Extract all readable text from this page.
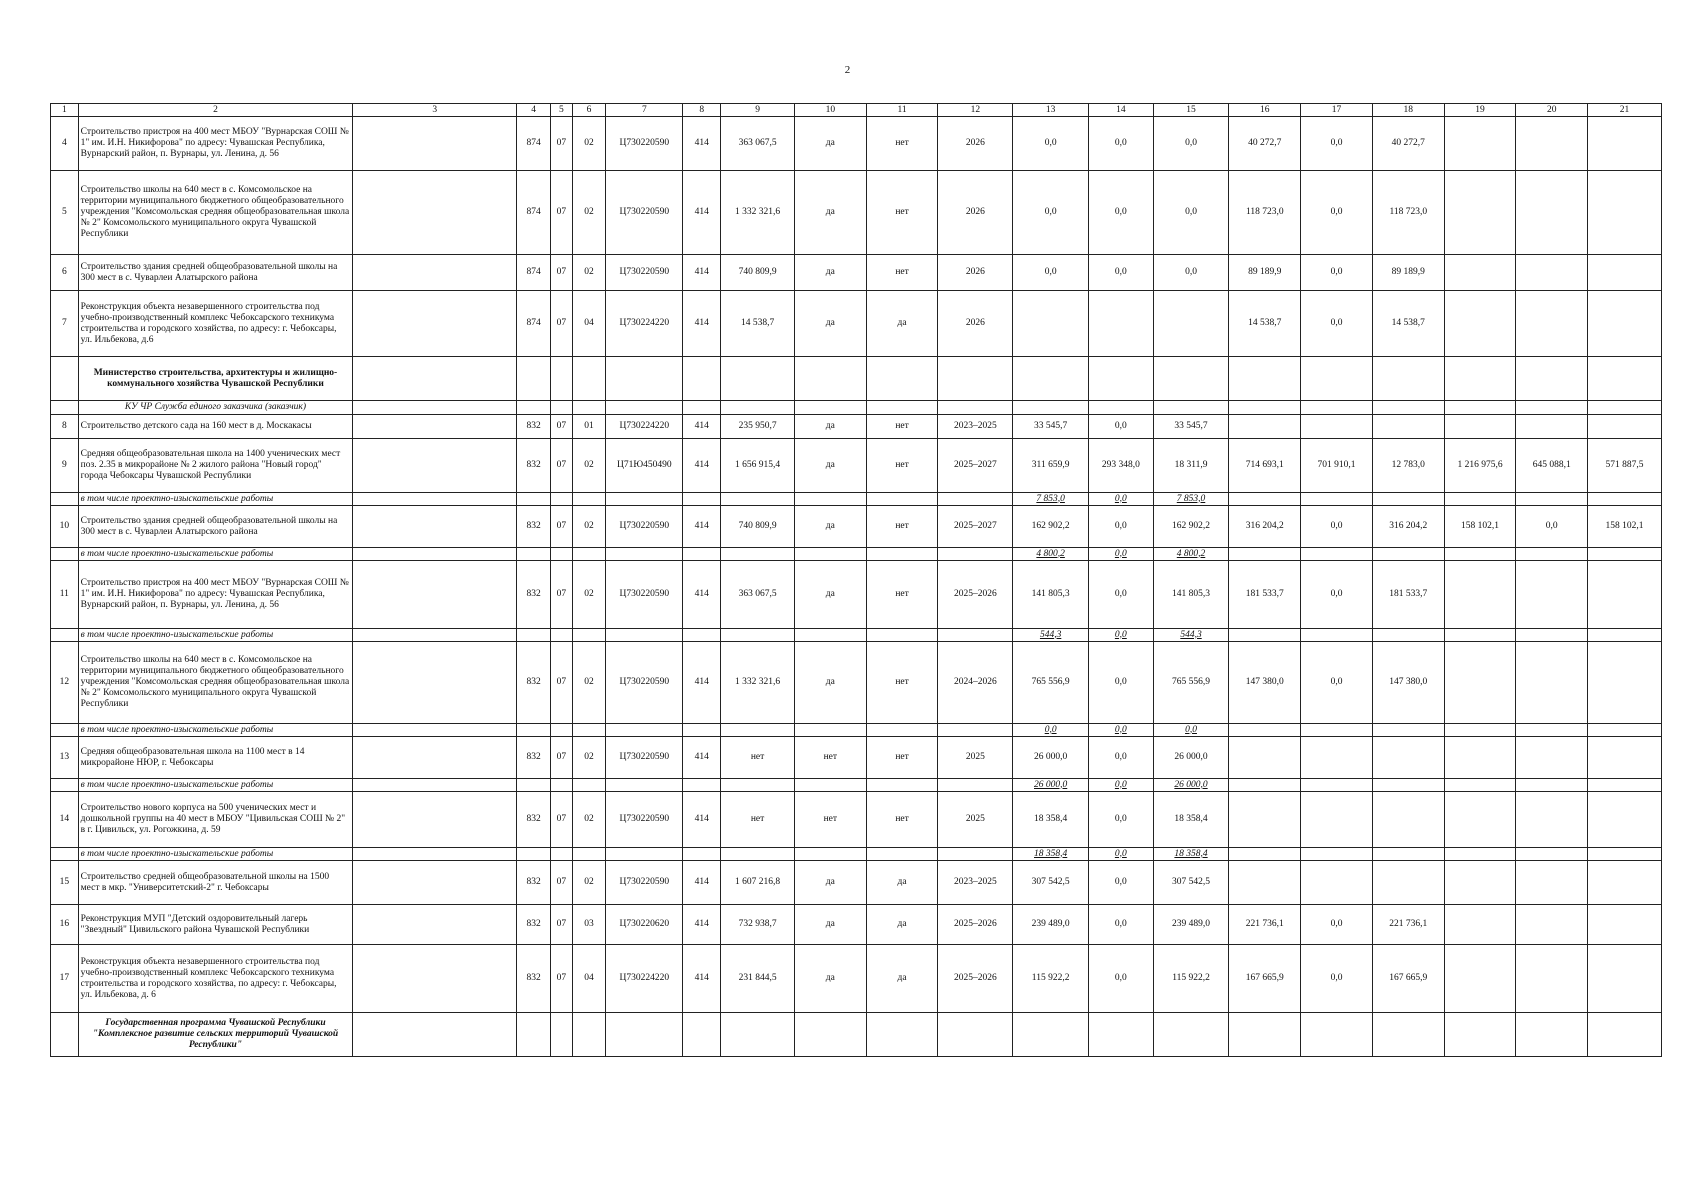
2
1	2	3	4	5	6	7	8	9	10	11	12	13	14	15	16	17	18	19	20	21
4	Строительство пристроя на 400 мест МБОУ "Вурнарская СОШ № 1" им. И.Н. Никифорова" по адресу: Чувашская Республика, Вурнарский район, п. Вурнары, ул. Ленина, д. 56		874	07	02	Ц730220590	414	363 067,5	да	нет	2026	0,0	0,0	0,0	40 272,7	0,0	40 272,7			
5	Строительство школы на 640 мест в с. Комсомольское на территории муниципального бюджетного общеобразовательного учреждения "Комсомольская средняя общеобразовательная школа № 2" Комсомольского муниципального округа Чувашской Республики		874	07	02	Ц730220590	414	1 332 321,6	да	нет	2026	0,0	0,0	0,0	118 723,0	0,0	118 723,0			
6	Строительство здания средней общеобразовательной школы на 300 мест в с. Чуварлеи Алатырского района		874	07	02	Ц730220590	414	740 809,9	да	нет	2026	0,0	0,0	0,0	89 189,9	0,0	89 189,9			
7	Реконструкция объекта незавершенного строительства под учебно-производственный комплекс Чебоксарского техникума строительства и городского хозяйства, по адресу: г. Чебоксары, ул. Ильбекова, д.6		874	07	04	Ц730224220	414	14 538,7	да	да	2026				14 538,7	0,0	14 538,7			
	Министерство строительства, архитектуры и жилищно-коммунального хозяйства Чувашской Республики																			
	КУ ЧР Служба единого заказчика (заказчик)																			
8	Строительство детского сада на 160 мест в д. Москакасы		832	07	01	Ц730224220	414	235 950,7	да	нет	2023–2025	33 545,7	0,0	33 545,7						
9	Средняя общеобразовательная школа на 1400 ученических мест поз. 2.35 в микрорайоне № 2 жилого района "Новый город" города Чебоксары Чувашской Республики		832	07	02	Ц71Ю450490	414	1 656 915,4	да	нет	2025–2027	311 659,9	293 348,0	18 311,9	714 693,1	701 910,1	12 783,0	1 216 975,6	645 088,1	571 887,5
	в том числе проектно-изыскательские работы											7 853,0	0,0	7 853,0						
10	Строительство здания средней общеобразовательной школы на 300 мест в с. Чуварлеи Алатырского района		832	07	02	Ц730220590	414	740 809,9	да	нет	2025–2027	162 902,2	0,0	162 902,2	316 204,2	0,0	316 204,2	158 102,1	0,0	158 102,1
	в том числе проектно-изыскательские работы											4 800,2	0,0	4 800,2						
11	Строительство пристроя на 400 мест МБОУ "Вурнарская СОШ № 1" им. И.Н. Никифорова" по адресу: Чувашская Республика, Вурнарский район, п. Вурнары, ул. Ленина, д. 56		832	07	02	Ц730220590	414	363 067,5	да	нет	2025–2026	141 805,3	0,0	141 805,3	181 533,7	0,0	181 533,7			
	в том числе проектно-изыскательские работы											544,3	0,0	544,3						
12	Строительство школы на 640 мест в с. Комсомольское на территории муниципального бюджетного общеобразовательного учреждения "Комсомольская средняя общеобразовательная школа № 2" Комсомольского муниципального округа Чувашской Республики		832	07	02	Ц730220590	414	1 332 321,6	да	нет	2024–2026	765 556,9	0,0	765 556,9	147 380,0	0,0	147 380,0			
	в том числе проектно-изыскательские работы											0,0	0,0	0,0						
13	Средняя общеобразовательная школа на 1100 мест в 14 микрорайоне НЮР, г. Чебоксары		832	07	02	Ц730220590	414	нет	нет	нет	2025	26 000,0	0,0	26 000,0						
	в том числе проектно-изыскательские работы											26 000,0	0,0	26 000,0						
14	Строительство нового корпуса на 500 ученических мест и дошкольной группы на 40 мест в МБОУ "Цивильская СОШ № 2" в г. Цивильск, ул. Рогожкина, д. 59		832	07	02	Ц730220590	414	нет	нет	нет	2025	18 358,4	0,0	18 358,4						
	в том числе проектно-изыскательские работы											18 358,4	0,0	18 358,4						
15	Строительство средней общеобразовательной школы на 1500 мест в мкр. "Университетский-2" г. Чебоксары		832	07	02	Ц730220590	414	1 607 216,8	да	да	2023–2025	307 542,5	0,0	307 542,5						
16	Реконструкция МУП "Детский оздоровительный лагерь "Звездный" Цивильского района Чувашской Республики		832	07	03	Ц730220620	414	732 938,7	да	да	2025–2026	239 489,0	0,0	239 489,0	221 736,1	0,0	221 736,1			
17	Реконструкция объекта незавершенного строительства под учебно-производственный комплекс Чебоксарского техникума строительства и городского хозяйства, по адресу: г. Чебоксары, ул. Ильбекова, д. 6		832	07	04	Ц730224220	414	231 844,5	да	да	2025–2026	115 922,2	0,0	115 922,2	167 665,9	0,0	167 665,9			
	Государственная программа Чувашской Республики "Комплексное развитие сельских территорий Чувашской Республики"																			
